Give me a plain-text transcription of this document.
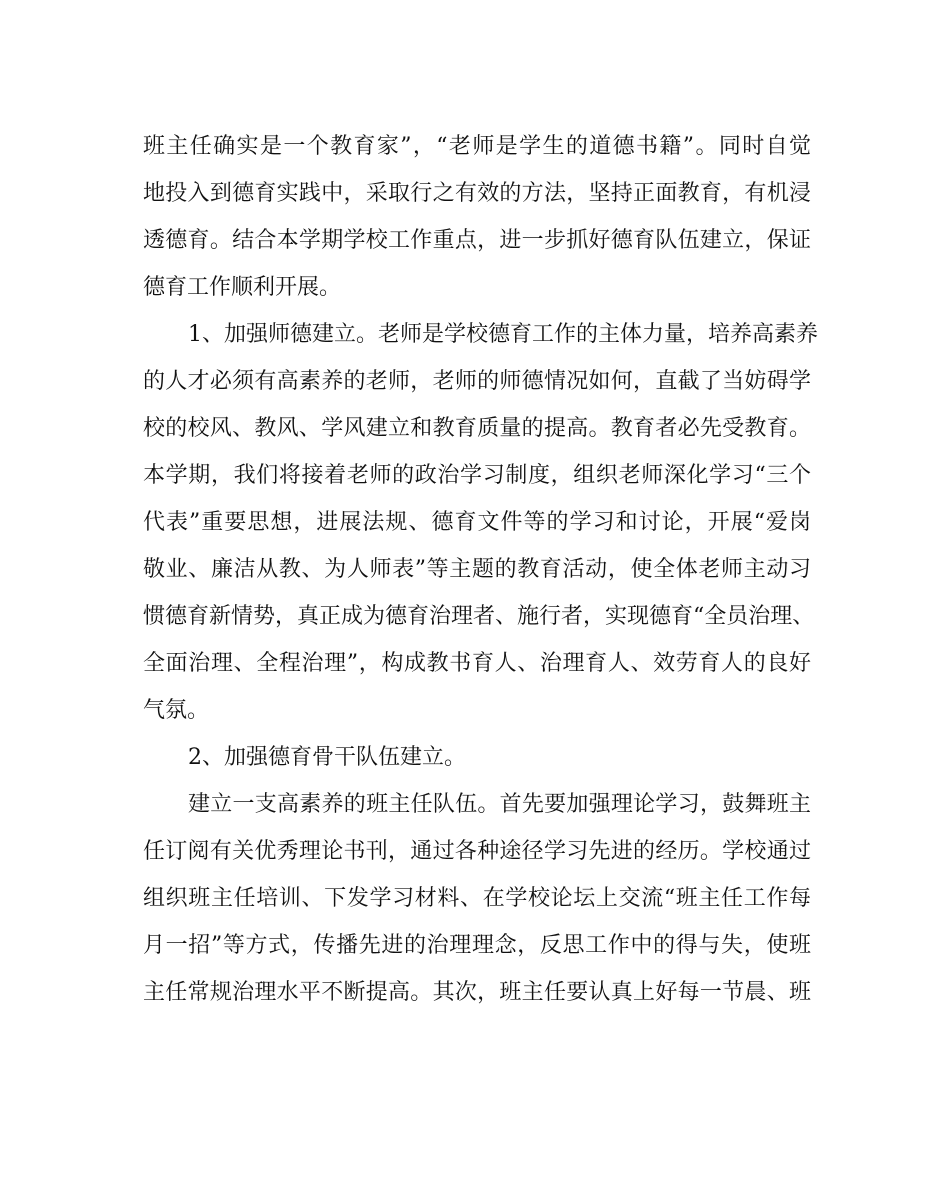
班主任确实是一个教育家”，“老师是学生的道德书籍”。同时自觉
地投入到德育实践中，采取行之有效的方法，坚持正面教育，有机浸
透德育。结合本学期学校工作重点，进一步抓好德育队伍建立，保证
德育工作顺利开展。
1、加强师德建立。老师是学校德育工作的主体力量，培养高素养
的人才必须有高素养的老师，老师的师德情况如何，直截了当妨碍学
校的校风、教风、学风建立和教育质量的提高。教育者必先受教育。
本学期，我们将接着老师的政治学习制度，组织老师深化学习“三个
代表”重要思想，进展法规、德育文件等的学习和讨论，开展“爱岗
敬业、廉洁从教、为人师表”等主题的教育活动，使全体老师主动习
惯德育新情势，真正成为德育治理者、施行者，实现德育“全员治理、
全面治理、全程治理”，构成教书育人、治理育人、效劳育人的良好
气氛。
2、加强德育骨干队伍建立。
建立一支高素养的班主任队伍。首先要加强理论学习，鼓舞班主
任订阅有关优秀理论书刊，通过各种途径学习先进的经历。学校通过
组织班主任培训、下发学习材料、在学校论坛上交流“班主任工作每
月一招”等方式，传播先进的治理理念，反思工作中的得与失，使班
主任常规治理水平不断提高。其次，班主任要认真上好每一节晨、班
